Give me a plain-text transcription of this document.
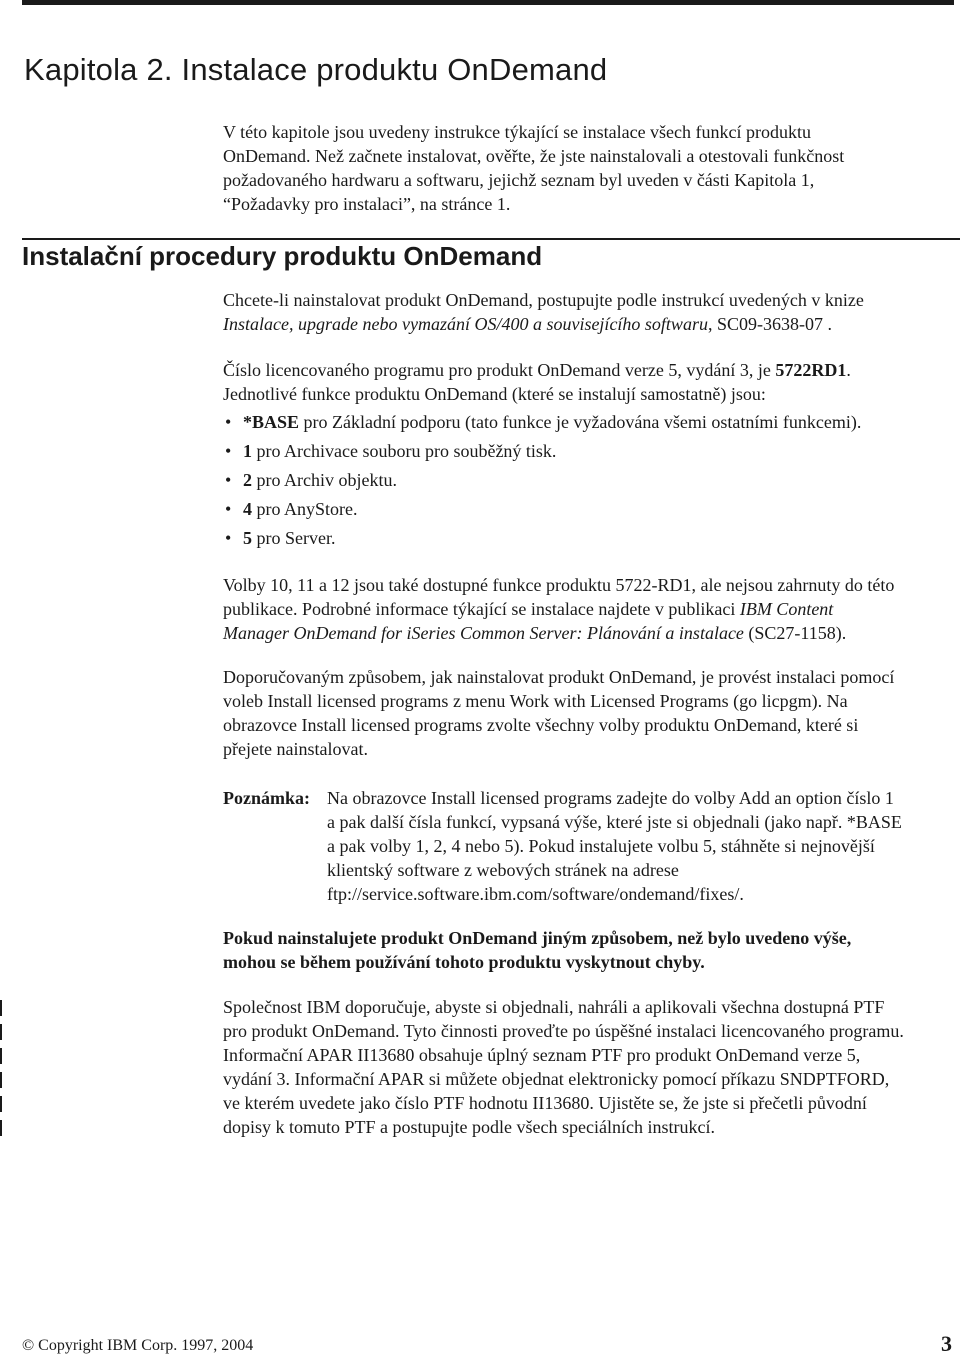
Kapitola 2. Instalace produktu OnDemand

V této kapitole jsou uvedeny instrukce týkající se instalace všech funkcí produktu
OnDemand. Než začnete instalovat, ověřte, že jste nainstalovali a otestovali funkčnost
požadovaného hardwaru a softwaru, jejichž seznam byl uveden v části Kapitola 1,
“Požadavky pro instalaci”, na stránce 1.

Instalační procedury produktu OnDemand

Chcete-li nainstalovat produkt OnDemand, postupujte podle instrukcí uvedených v knize
Instalace, upgrade nebo vymazání OS/400 a souvisejícího softwaru, SC09-3638-07 .

Číslo licencovaného programu pro produkt OnDemand verze 5, vydání 3, je 5722RD1.
Jednotlivé funkce produktu OnDemand (které se instalují samostatně) jsou:

• *BASE pro Základní podporu (tato funkce je vyžadována všemi ostatními funkcemi).
• 1 pro Archivace souboru pro souběžný tisk.
• 2 pro Archiv objektu.
• 4 pro AnyStore.
• 5 pro Server.

Volby 10, 11 a 12 jsou také dostupné funkce produktu 5722-RD1, ale nejsou zahrnuty do této
publikace. Podrobné informace týkající se instalace najdete v publikaci IBM Content
Manager OnDemand for iSeries Common Server: Plánování a instalace (SC27-1158).

Doporučovaným způsobem, jak nainstalovat produkt OnDemand, je provést instalaci pomocí
voleb Install licensed programs z menu Work with Licensed Programs (go licpgm). Na
obrazovce Install licensed programs zvolte všechny volby produktu OnDemand, které si
přejete nainstalovat.

Poznámka: Na obrazovce Install licensed programs zadejte do volby Add an option číslo 1
a pak další čísla funkcí, vypsaná výše, které jste si objednali (jako např. *BASE
a pak volby 1, 2, 4 nebo 5). Pokud instalujete volbu 5, stáhněte si nejnovější
klientský software z webových stránek na adrese
ftp://service.software.ibm.com/software/ondemand/fixes/.

Pokud nainstalujete produkt OnDemand jiným způsobem, než bylo uvedeno výše,
mohou se během používání tohoto produktu vyskytnout chyby.

Společnost IBM doporučuje, abyste si objednali, nahráli a aplikovali všechna dostupná PTF
pro produkt OnDemand. Tyto činnosti proveďte po úspěšné instalaci licencovaného programu.
Informační APAR II13680 obsahuje úplný seznam PTF pro produkt OnDemand verze 5,
vydání 3. Informační APAR si můžete objednat elektronicky pomocí příkazu SNDPTFORD,
ve kterém uvedete jako číslo PTF hodnotu II13680. Ujistěte se, že jste si přečetli původní
dopisy k tomuto PTF a postupujte podle všech speciálních instrukcí.

© Copyright IBM Corp. 1997, 2004	3
